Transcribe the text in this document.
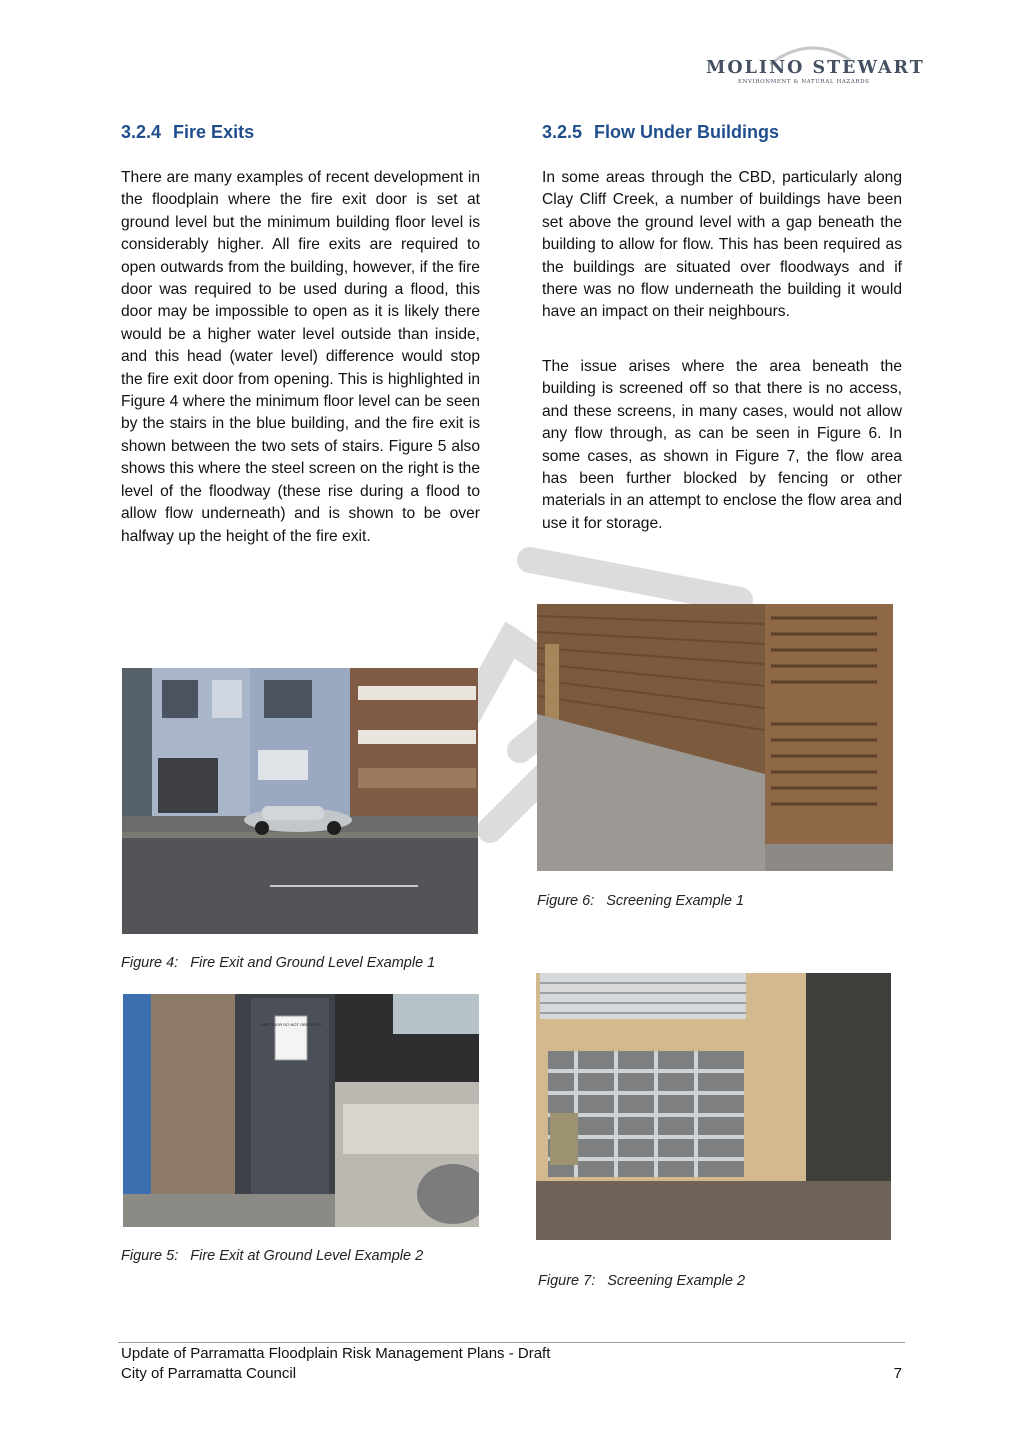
MOLINO STEWART
ENVIRONMENT & NATURAL HAZARDS
3.2.4 Fire Exits

There are many examples of recent development in the floodplain where the fire exit door is set at ground level but the minimum building floor level is considerably higher. All fire exits are required to open outwards from the building, however, if the fire door was required to be used during a flood, this door may be impossible to open as it is likely there would be a higher water level outside than inside, and this head (water level) difference would stop the fire exit door from opening. This is highlighted in Figure 4 where the minimum floor level can be seen by the stairs in the blue building, and the fire exit is shown between the two sets of stairs. Figure 5 also shows this where the steel screen on the right is the level of the floodway (these rise during a flood to allow flow underneath) and is shown to be over halfway up the height of the fire exit.

Figure 4: Fire Exit and Ground Level Example 1
FIRE DOOR DO NOT OBSTRUCT
Figure 5: Fire Exit at Ground Level Example 2
3.2.5 Flow Under Buildings

In some areas through the CBD, particularly along Clay Cliff Creek, a number of buildings have been set above the ground level with a gap beneath the building to allow for flow. This has been required as the buildings are situated over floodways and if there was no flow underneath the building it would have an impact on their neighbours.

The issue arises where the area beneath the building is screened off so that there is no access, and these screens, in many cases, would not allow any flow through, as can be seen in Figure 6. In some cases, as shown in Figure 7, the flow area has been further blocked by fencing or other materials in an attempt to enclose the flow area and use it for storage.

Figure 6: Screening Example 1
Figure 7: Screening Example 2
Update of Parramatta Floodplain Risk Management Plans - Draft
City of Parramatta Council	7
